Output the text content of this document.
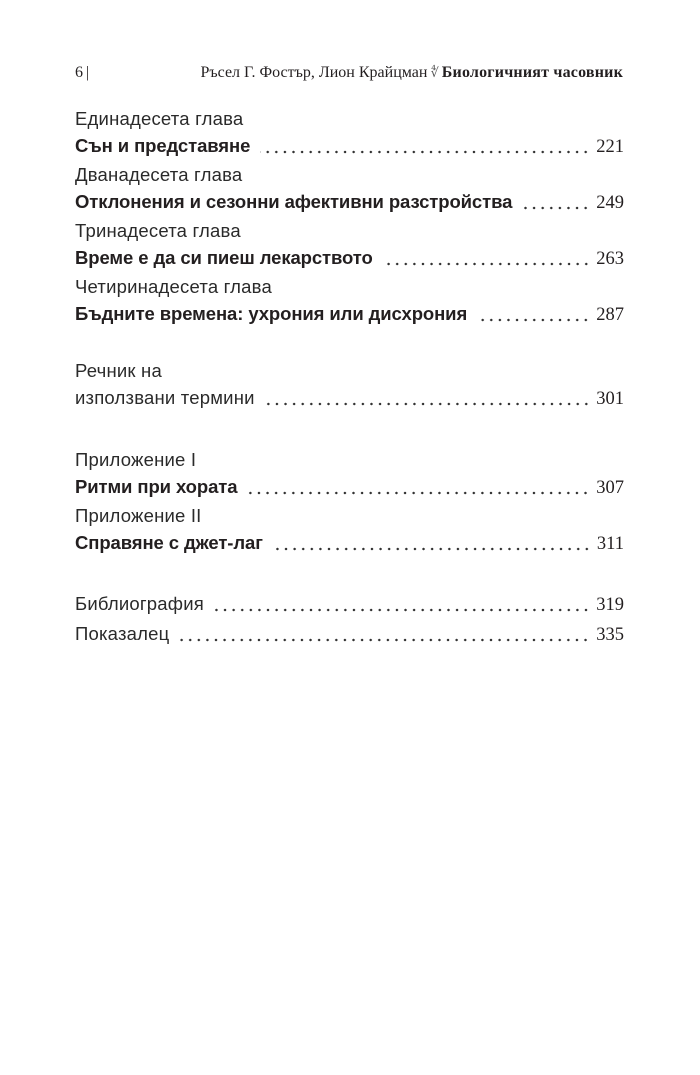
6 |	Ръсел Г. Фостър, Лион Крайцман ∜ Биологичният часовник
Единадесета глава
Сън и представяне	221
Дванадесета глава
Отклонения и сезонни афективни разстройства	249
Тринадесета глава
Време е да си пиеш лекарството	263
Четиринадесета глава
Бъдните времена: ухрония или дисхрония	287
Речник на
използвани термини	301
Приложение I
Ритми при хората	307
Приложение II
Справяне с джет-лаг	311
Библиография	319
Показалец	335
